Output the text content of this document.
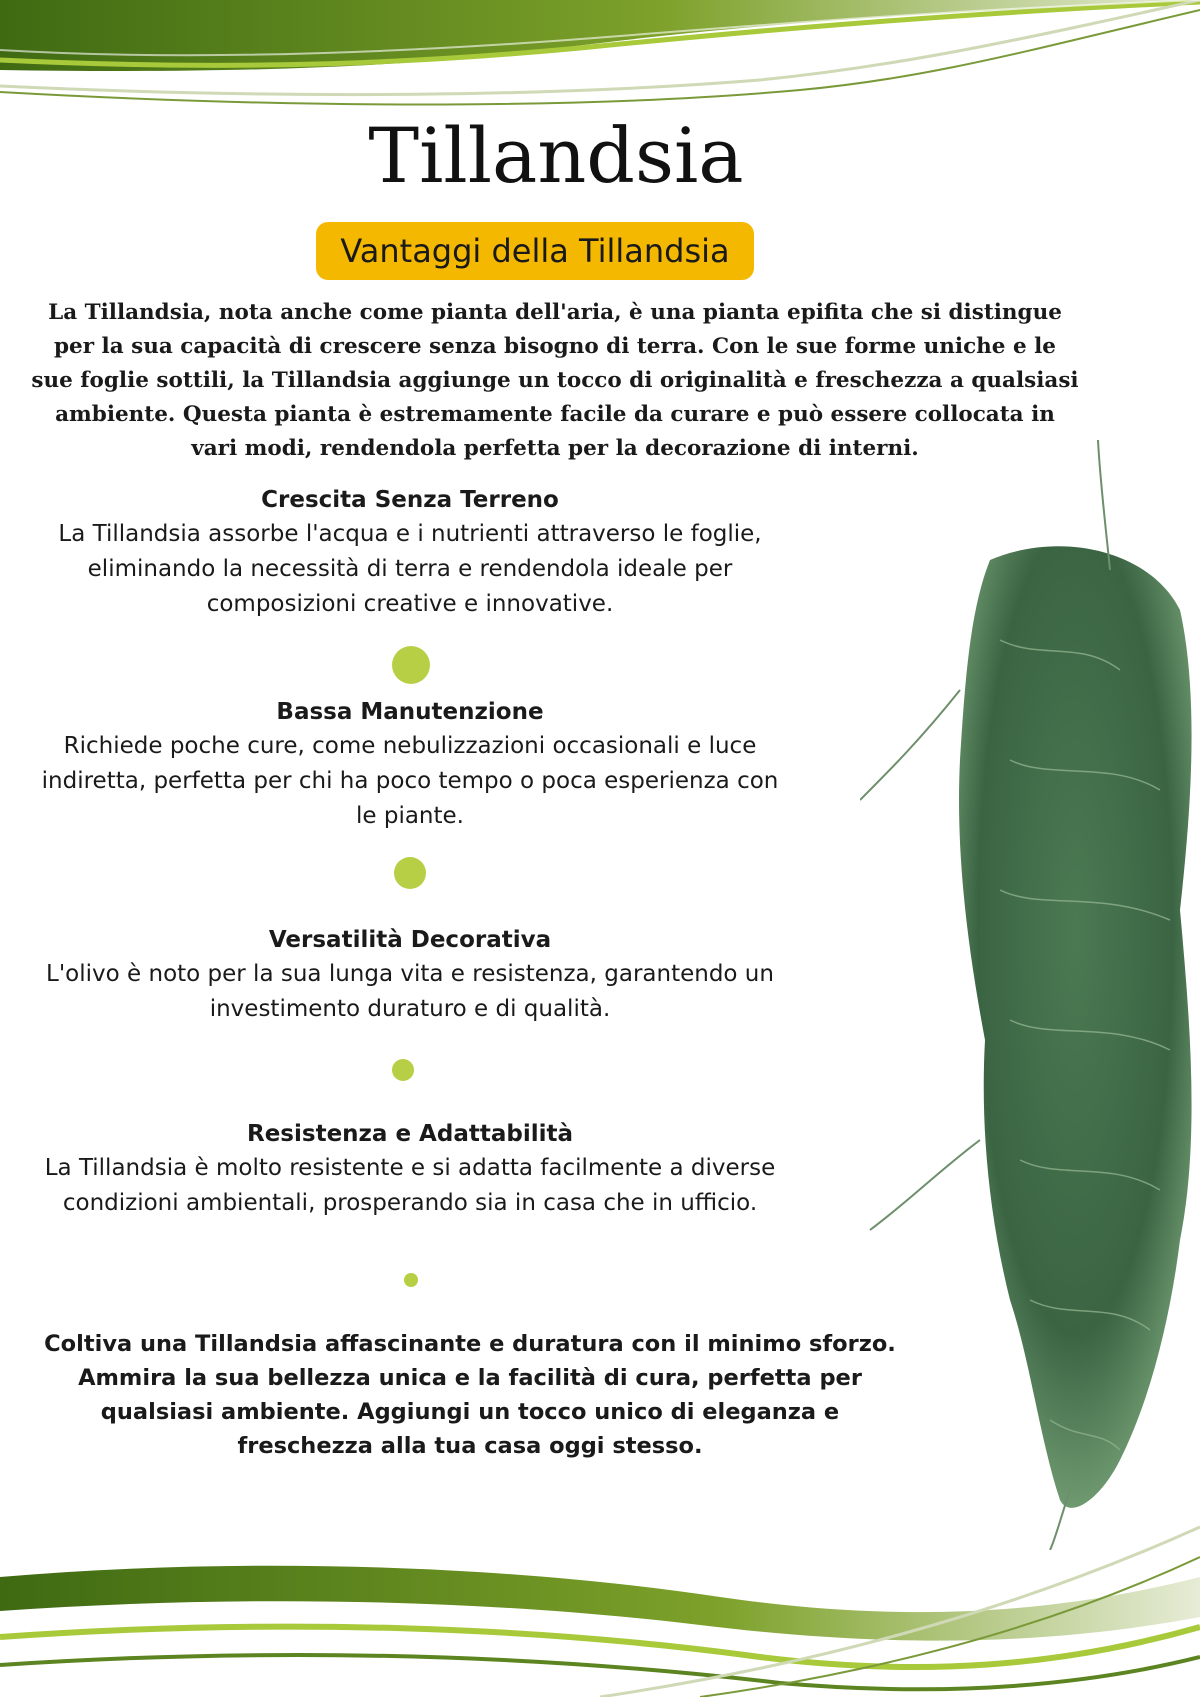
Tillandsia
Vantaggi della Tillandsia
La Tillandsia, nota anche come pianta dell'aria, è una pianta epifita che si distingue per la sua capacità di crescere senza bisogno di terra. Con le sue forme uniche e le sue foglie sottili, la Tillandsia aggiunge un tocco di originalità e freschezza a qualsiasi ambiente. Questa pianta è estremamente facile da curare e può essere collocata in vari modi, rendendola perfetta per la decorazione di interni.
Crescita Senza Terreno
La Tillandsia assorbe l'acqua e i nutrienti attraverso le foglie, eliminando la necessità di terra e rendendola ideale per composizioni creative e innovative.
Bassa Manutenzione
Richiede poche cure, come nebulizzazioni occasionali e luce indiretta, perfetta per chi ha poco tempo o poca esperienza con le piante.
Versatilità Decorativa
L'olivo è noto per la sua lunga vita e resistenza, garantendo un investimento duraturo e di qualità.
Resistenza e Adattabilità
La Tillandsia è molto resistente e si adatta facilmente a diverse condizioni ambientali, prosperando sia in casa che in ufficio.
Coltiva una Tillandsia affascinante e duratura con il minimo sforzo. Ammira la sua bellezza unica e la facilità di cura, perfetta per qualsiasi ambiente. Aggiungi un tocco unico di eleganza e freschezza alla tua casa oggi stesso.
